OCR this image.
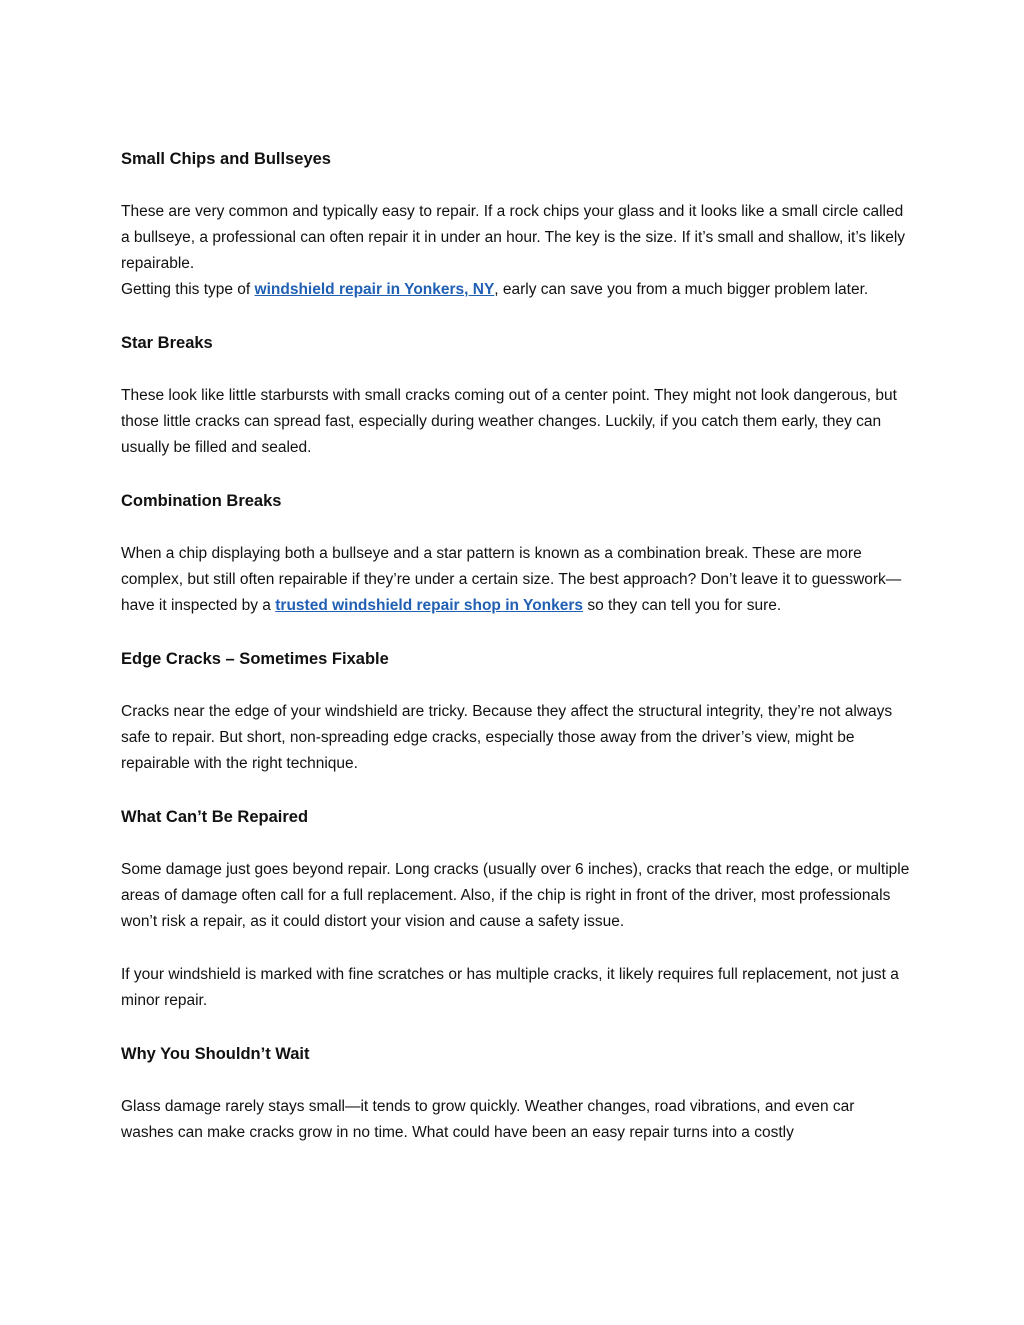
Small Chips and Bullseyes

These are very common and typically easy to repair. If a rock chips your glass and it looks like a small circle called a bullseye, a professional can often repair it in under an hour. The key is the size. If it’s small and shallow, it’s likely repairable.

Getting this type of windshield repair in Yonkers, NY, early can save you from a much bigger problem later.

Star Breaks

These look like little starbursts with small cracks coming out of a center point. They might not look dangerous, but those little cracks can spread fast, especially during weather changes. Luckily, if you catch them early, they can usually be filled and sealed.

Combination Breaks

When a chip displaying both a bullseye and a star pattern is known as a combination break. These are more complex, but still often repairable if they’re under a certain size. The best approach? Don’t leave it to guesswork—have it inspected by a trusted windshield repair shop in Yonkers so they can tell you for sure.

Edge Cracks – Sometimes Fixable

Cracks near the edge of your windshield are tricky. Because they affect the structural integrity, they’re not always safe to repair. But short, non-spreading edge cracks, especially those away from the driver’s view, might be repairable with the right technique.

What Can’t Be Repaired

Some damage just goes beyond repair. Long cracks (usually over 6 inches), cracks that reach the edge, or multiple areas of damage often call for a full replacement. Also, if the chip is right in front of the driver, most professionals won’t risk a repair, as it could distort your vision and cause a safety issue.

If your windshield is marked with fine scratches or has multiple cracks, it likely requires full replacement, not just a minor repair.

Why You Shouldn’t Wait

Glass damage rarely stays small—it tends to grow quickly. Weather changes, road vibrations, and even car washes can make cracks grow in no time. What could have been an easy repair turns into a costly
